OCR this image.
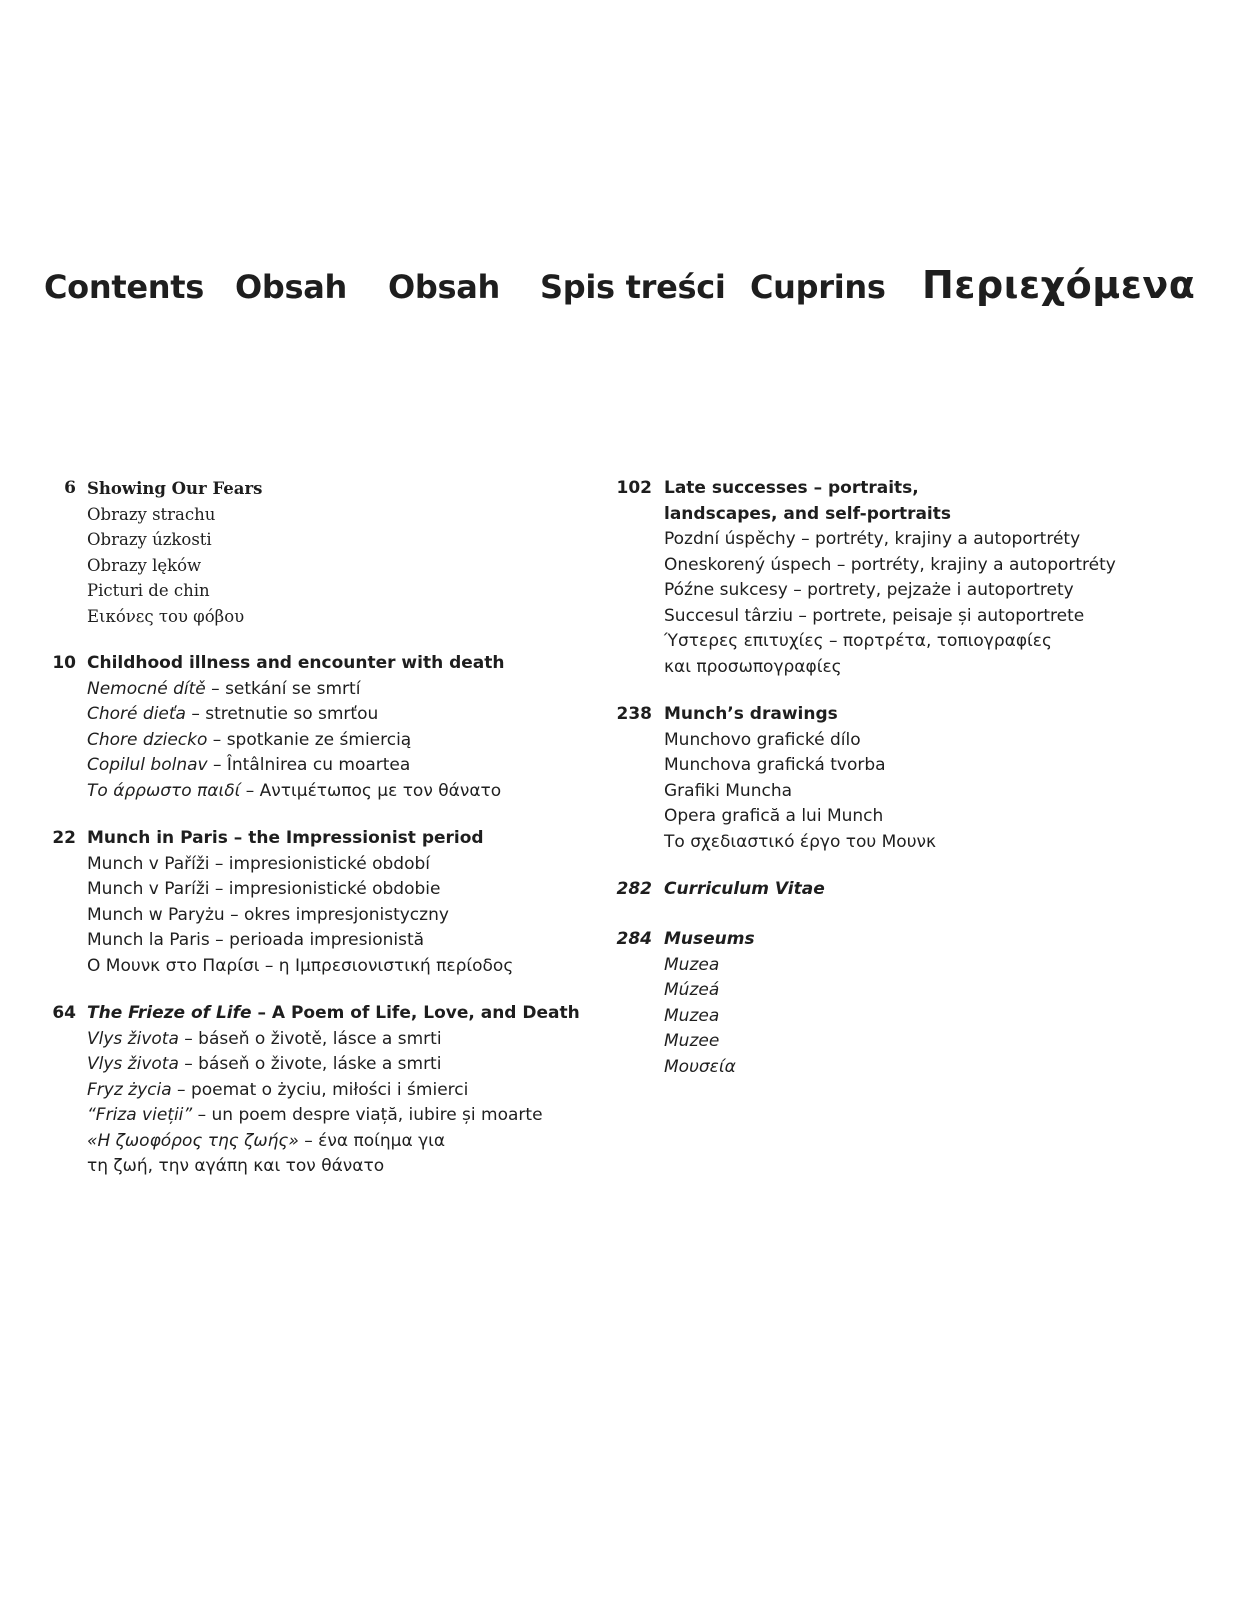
Contents Obsah Obsah Spis treści Cuprins Περιεχόμενα
6 Showing Our Fears
Obrazy strachu
Obrazy úzkosti
Obrazy lęków
Picturi de chin
Εικόνες του φόβου
10 Childhood illness and encounter with death
Nemocné dítě – setkání se smrtí
Choré dieťa – stretnutie so smrťou
Chore dziecko – spotkanie ze śmiercią
Copilul bolnav – Întâlnirea cu moartea
Το άρρωστο παιδί – Αντιμέτωπος με τον θάνατο
22 Munch in Paris – the Impressionist period
Munch v Paříži – impresionistické období
Munch v Paríži – impresionistické obdobie
Munch w Paryżu – okres impresjonistyczny
Munch la Paris – perioada impresionistă
Ο Μουνκ στο Παρίσι – η Ιμπρεσιονιστική περίοδος
64 The Frieze of Life – A Poem of Life, Love, and Death
Vlys života – báseň o životě, lásce a smrti
Vlys života – báseň o živote, láske a smrti
Fryz życia – poemat o życiu, miłości i śmierci
“Friza vieții” – un poem despre viață, iubire și moarte
«Η ζωοφόρος της ζωής» – ένα ποίημα για
τη ζωή, την αγάπη και τον θάνατο
102 Late successes – portraits,
landscapes, and self-portraits
Pozdní úspěchy – portréty, krajiny a autoportréty
Oneskorený úspech – portréty, krajiny a autoportréty
Późne sukcesy – portrety, pejzaże i autoportrety
Succesul târziu – portrete, peisaje și autoportrete
Ύστερες επιτυχίες – πορτρέτα, τοπιογραφίες
και προσωπογραφίες
238 Munch’s drawings
Munchovo grafické dílo
Munchova grafická tvorba
Grafiki Muncha
Opera grafică a lui Munch
Το σχεδιαστικό έργο του Μουνκ
282 Curriculum Vitae
284 Museums
Muzea
Múzeá
Muzea
Muzee
Μουσεία
